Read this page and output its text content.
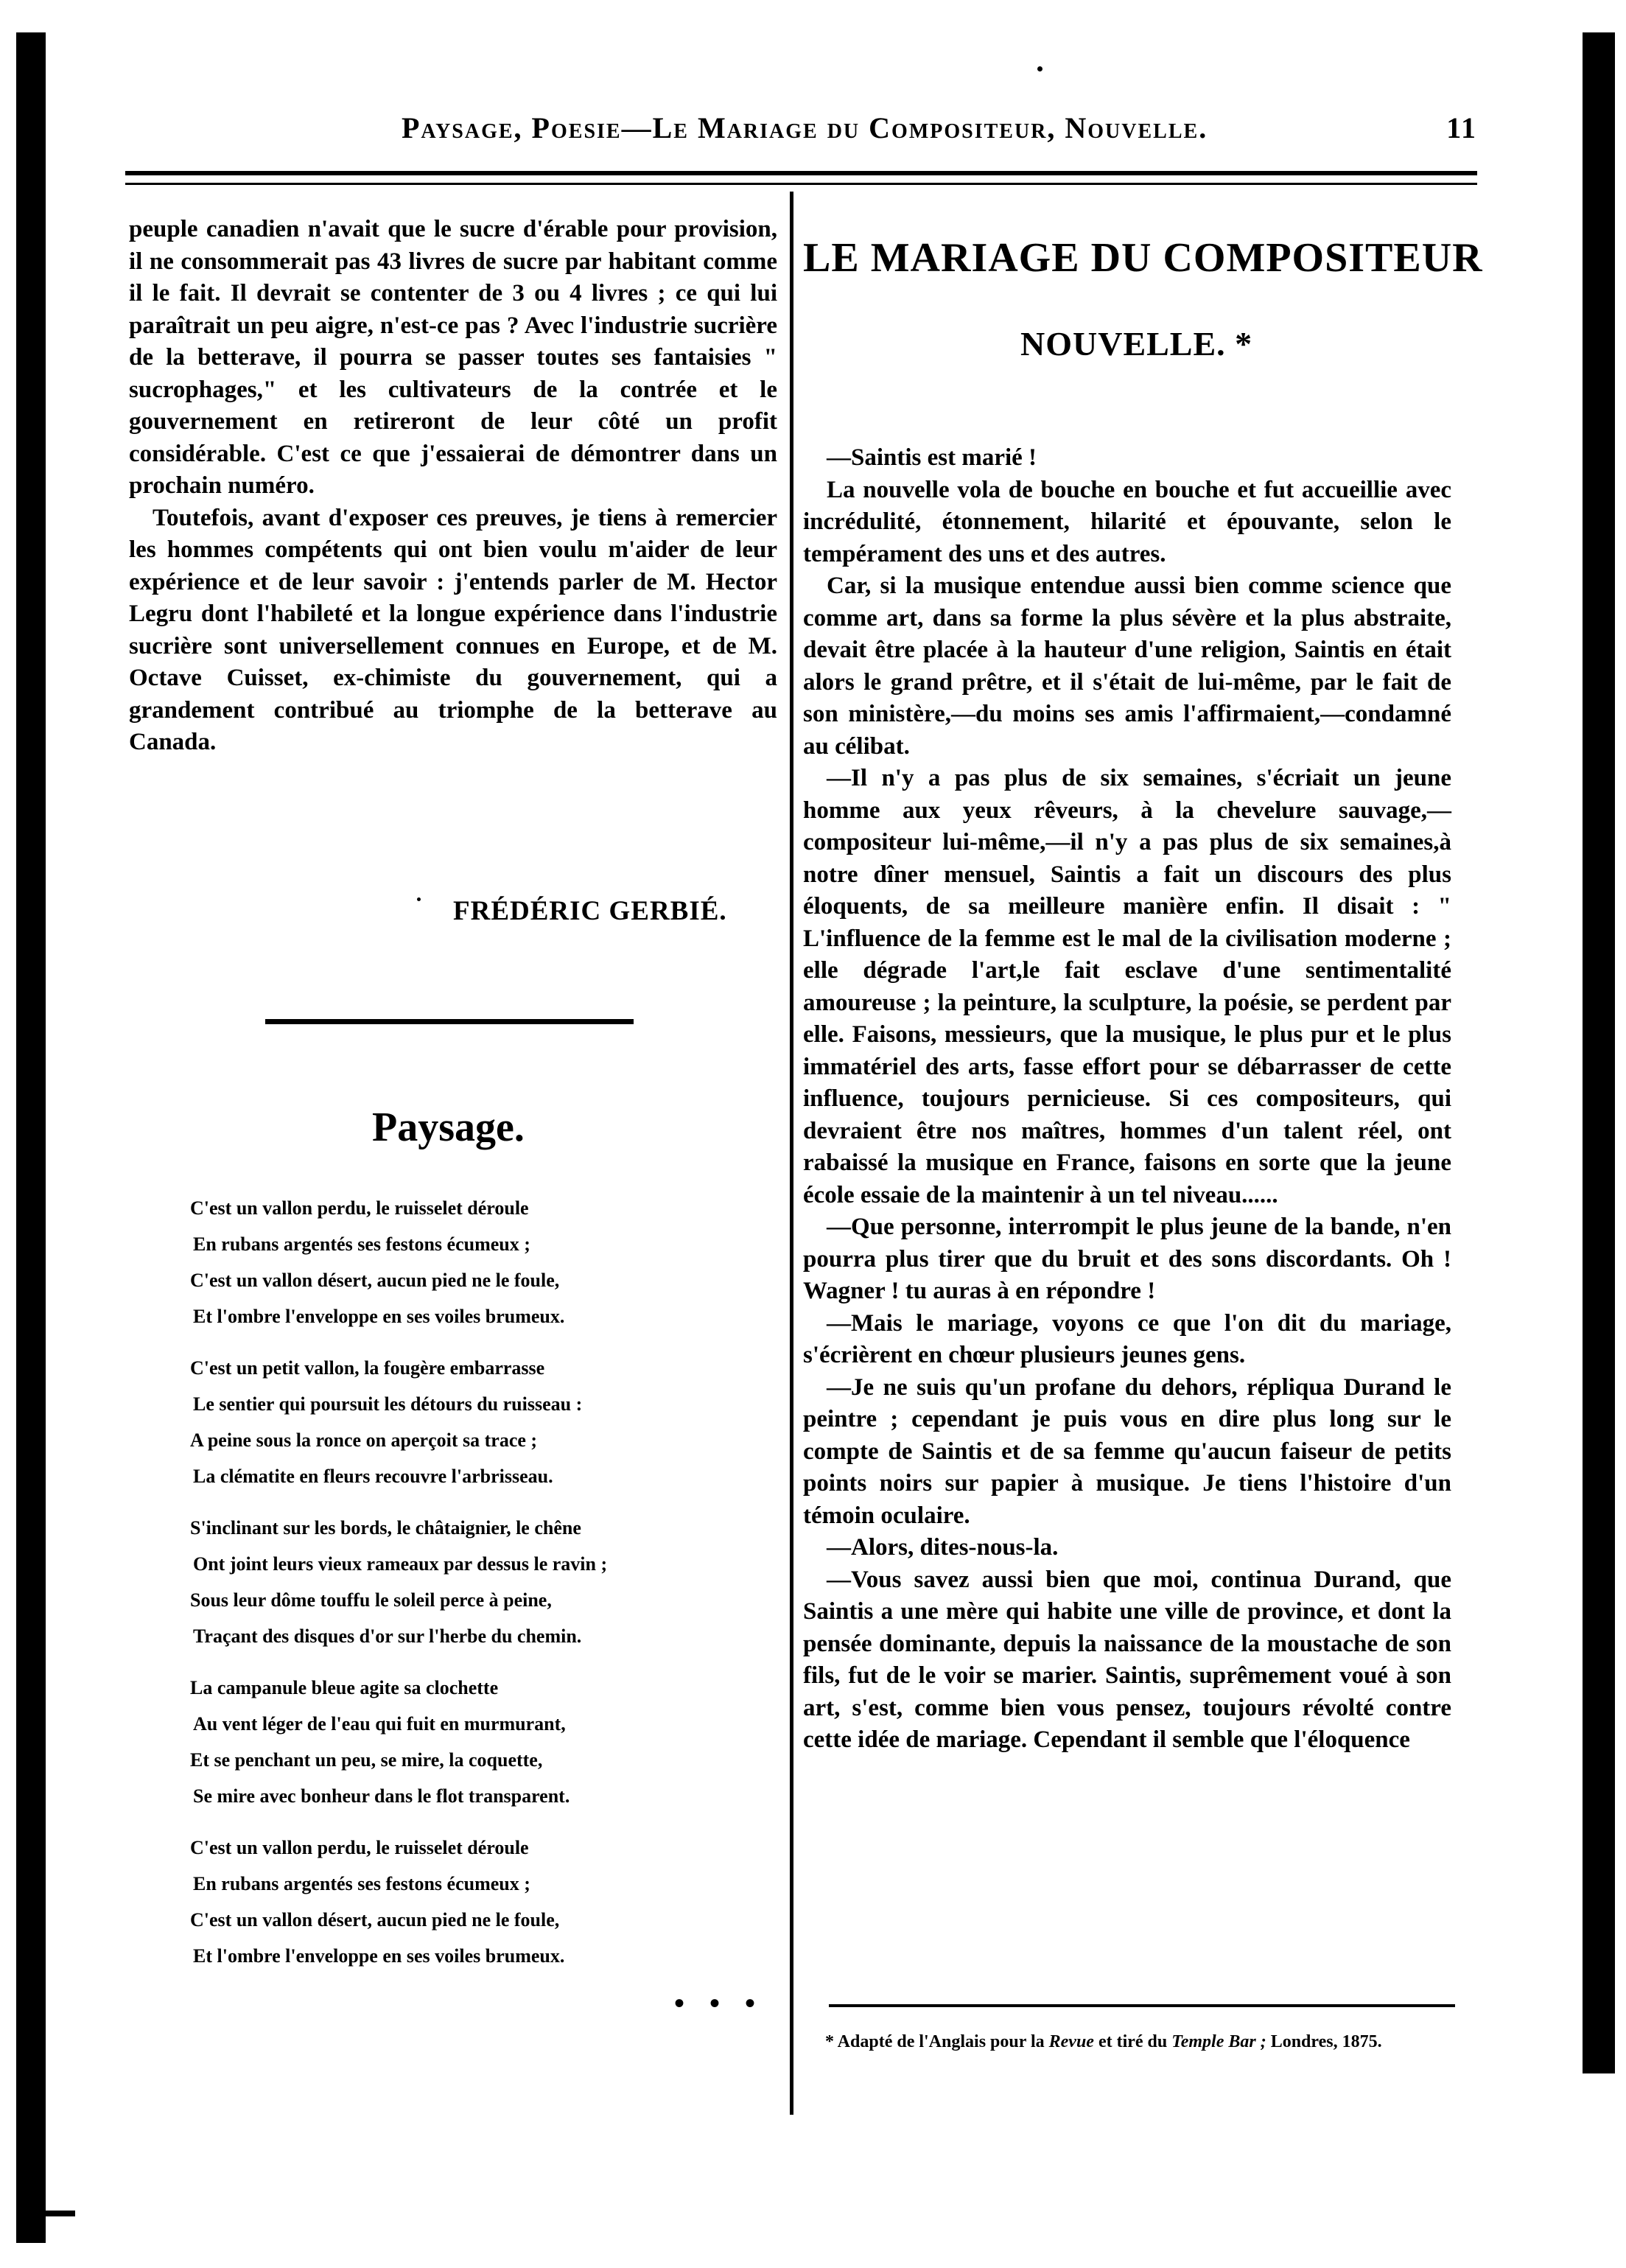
Paysage, Poesie—Le Mariage du Compositeur, Nouvelle.	11

peuple canadien n'avait que le sucre d'érable pour provision, il ne consommerait pas 43 livres de sucre par habitant comme il le fait. Il devrait se contenter de 3 ou 4 livres ; ce qui lui paraîtrait un peu aigre, n'est-ce pas ? Avec l'industrie sucrière de la betterave, il pourra se passer toutes ses fantaisies " sucrophages," et les cultivateurs de la contrée et le gouvernement en retireront de leur côté un profit considérable. C'est ce que j'essaierai de démontrer dans un prochain numéro.

Toutefois, avant d'exposer ces preuves, je tiens à remercier les hommes compétents qui ont bien voulu m'aider de leur expérience et de leur savoir : j'entends parler de M. Hector Legru dont l'habileté et la longue expérience dans l'industrie sucrière sont universellement connues en Europe, et de M. Octave Cuisset, ex-chimiste du gouvernement, qui a grandement contribué au triomphe de la betterave au Canada.

FRÉDÉRIC GERBIÉ.
Paysage.
C'est un vallon perdu, le ruisselet déroule
En rubans argentés ses festons écumeux ;
C'est un vallon désert, aucun pied ne le foule,
Et l'ombre l'enveloppe en ses voiles brumeux.
C'est un petit vallon, la fougère embarrasse
Le sentier qui poursuit les détours du ruisseau :
A peine sous la ronce on aperçoit sa trace ;
La clématite en fleurs recouvre l'arbrisseau.
S'inclinant sur les bords, le châtaignier, le chêne
Ont joint leurs vieux rameaux par dessus le ravin ;
Sous leur dôme touffu le soleil perce à peine,
Traçant des disques d'or sur l'herbe du chemin.
La campanule bleue agite sa clochette
Au vent léger de l'eau qui fuit en murmurant,
Et se penchant un peu, se mire, la coquette,
Se mire avec bonheur dans le flot transparent.
C'est un vallon perdu, le ruisselet déroule
En rubans argentés ses festons écumeux ;
C'est un vallon désert, aucun pied ne le foule,
Et l'ombre l'enveloppe en ses voiles brumeux.
• • •
LE MARIAGE DU COMPOSITEUR
NOUVELLE. *

—Saintis est marié !

La nouvelle vola de bouche en bouche et fut accueillie avec incrédulité, étonnement, hilarité et épouvante, selon le tempérament des uns et des autres.

Car, si la musique entendue aussi bien comme science que comme art, dans sa forme la plus sévère et la plus abstraite, devait être placée à la hauteur d'une religion, Saintis en était alors le grand prêtre, et il s'était de lui-même, par le fait de son ministère,—du moins ses amis l'affirmaient,—condamné au célibat.

—Il n'y a pas plus de six semaines, s'écriait un jeune homme aux yeux rêveurs, à la chevelure sauvage,—compositeur lui-même,—il n'y a pas plus de six semaines,à notre dîner mensuel, Saintis a fait un discours des plus éloquents, de sa meilleure manière enfin. Il disait : " L'influence de la femme est le mal de la civilisation moderne ; elle dégrade l'art,le fait esclave d'une sentimentalité amoureuse ; la peinture, la sculpture, la poésie, se perdent par elle. Faisons, messieurs, que la musique, le plus pur et le plus immatériel des arts, fasse effort pour se débarrasser de cette influence, toujours pernicieuse. Si ces compositeurs, qui devraient être nos maîtres, hommes d'un talent réel, ont rabaissé la musique en France, faisons en sorte que la jeune école essaie de la maintenir à un tel niveau......

—Que personne, interrompit le plus jeune de la bande, n'en pourra plus tirer que du bruit et des sons discordants. Oh ! Wagner ! tu auras à en répondre !

—Mais le mariage, voyons ce que l'on dit du mariage, s'écrièrent en chœur plusieurs jeunes gens.

—Je ne suis qu'un profane du dehors, répliqua Durand le peintre ; cependant je puis vous en dire plus long sur le compte de Saintis et de sa femme qu'aucun faiseur de petits points noirs sur papier à musique. Je tiens l'histoire d'un témoin oculaire.

—Alors, dites-nous-la.

—Vous savez aussi bien que moi, continua Durand, que Saintis a une mère qui habite une ville de province, et dont la pensée dominante, depuis la naissance de la moustache de son fils, fut de le voir se marier. Saintis, suprêmement voué à son art, s'est, comme bien vous pensez, toujours révolté contre cette idée de mariage. Cependant il semble que l'éloquence

* Adapté de l'Anglais pour la Revue et tiré du Temple Bar ; Londres, 1875.
